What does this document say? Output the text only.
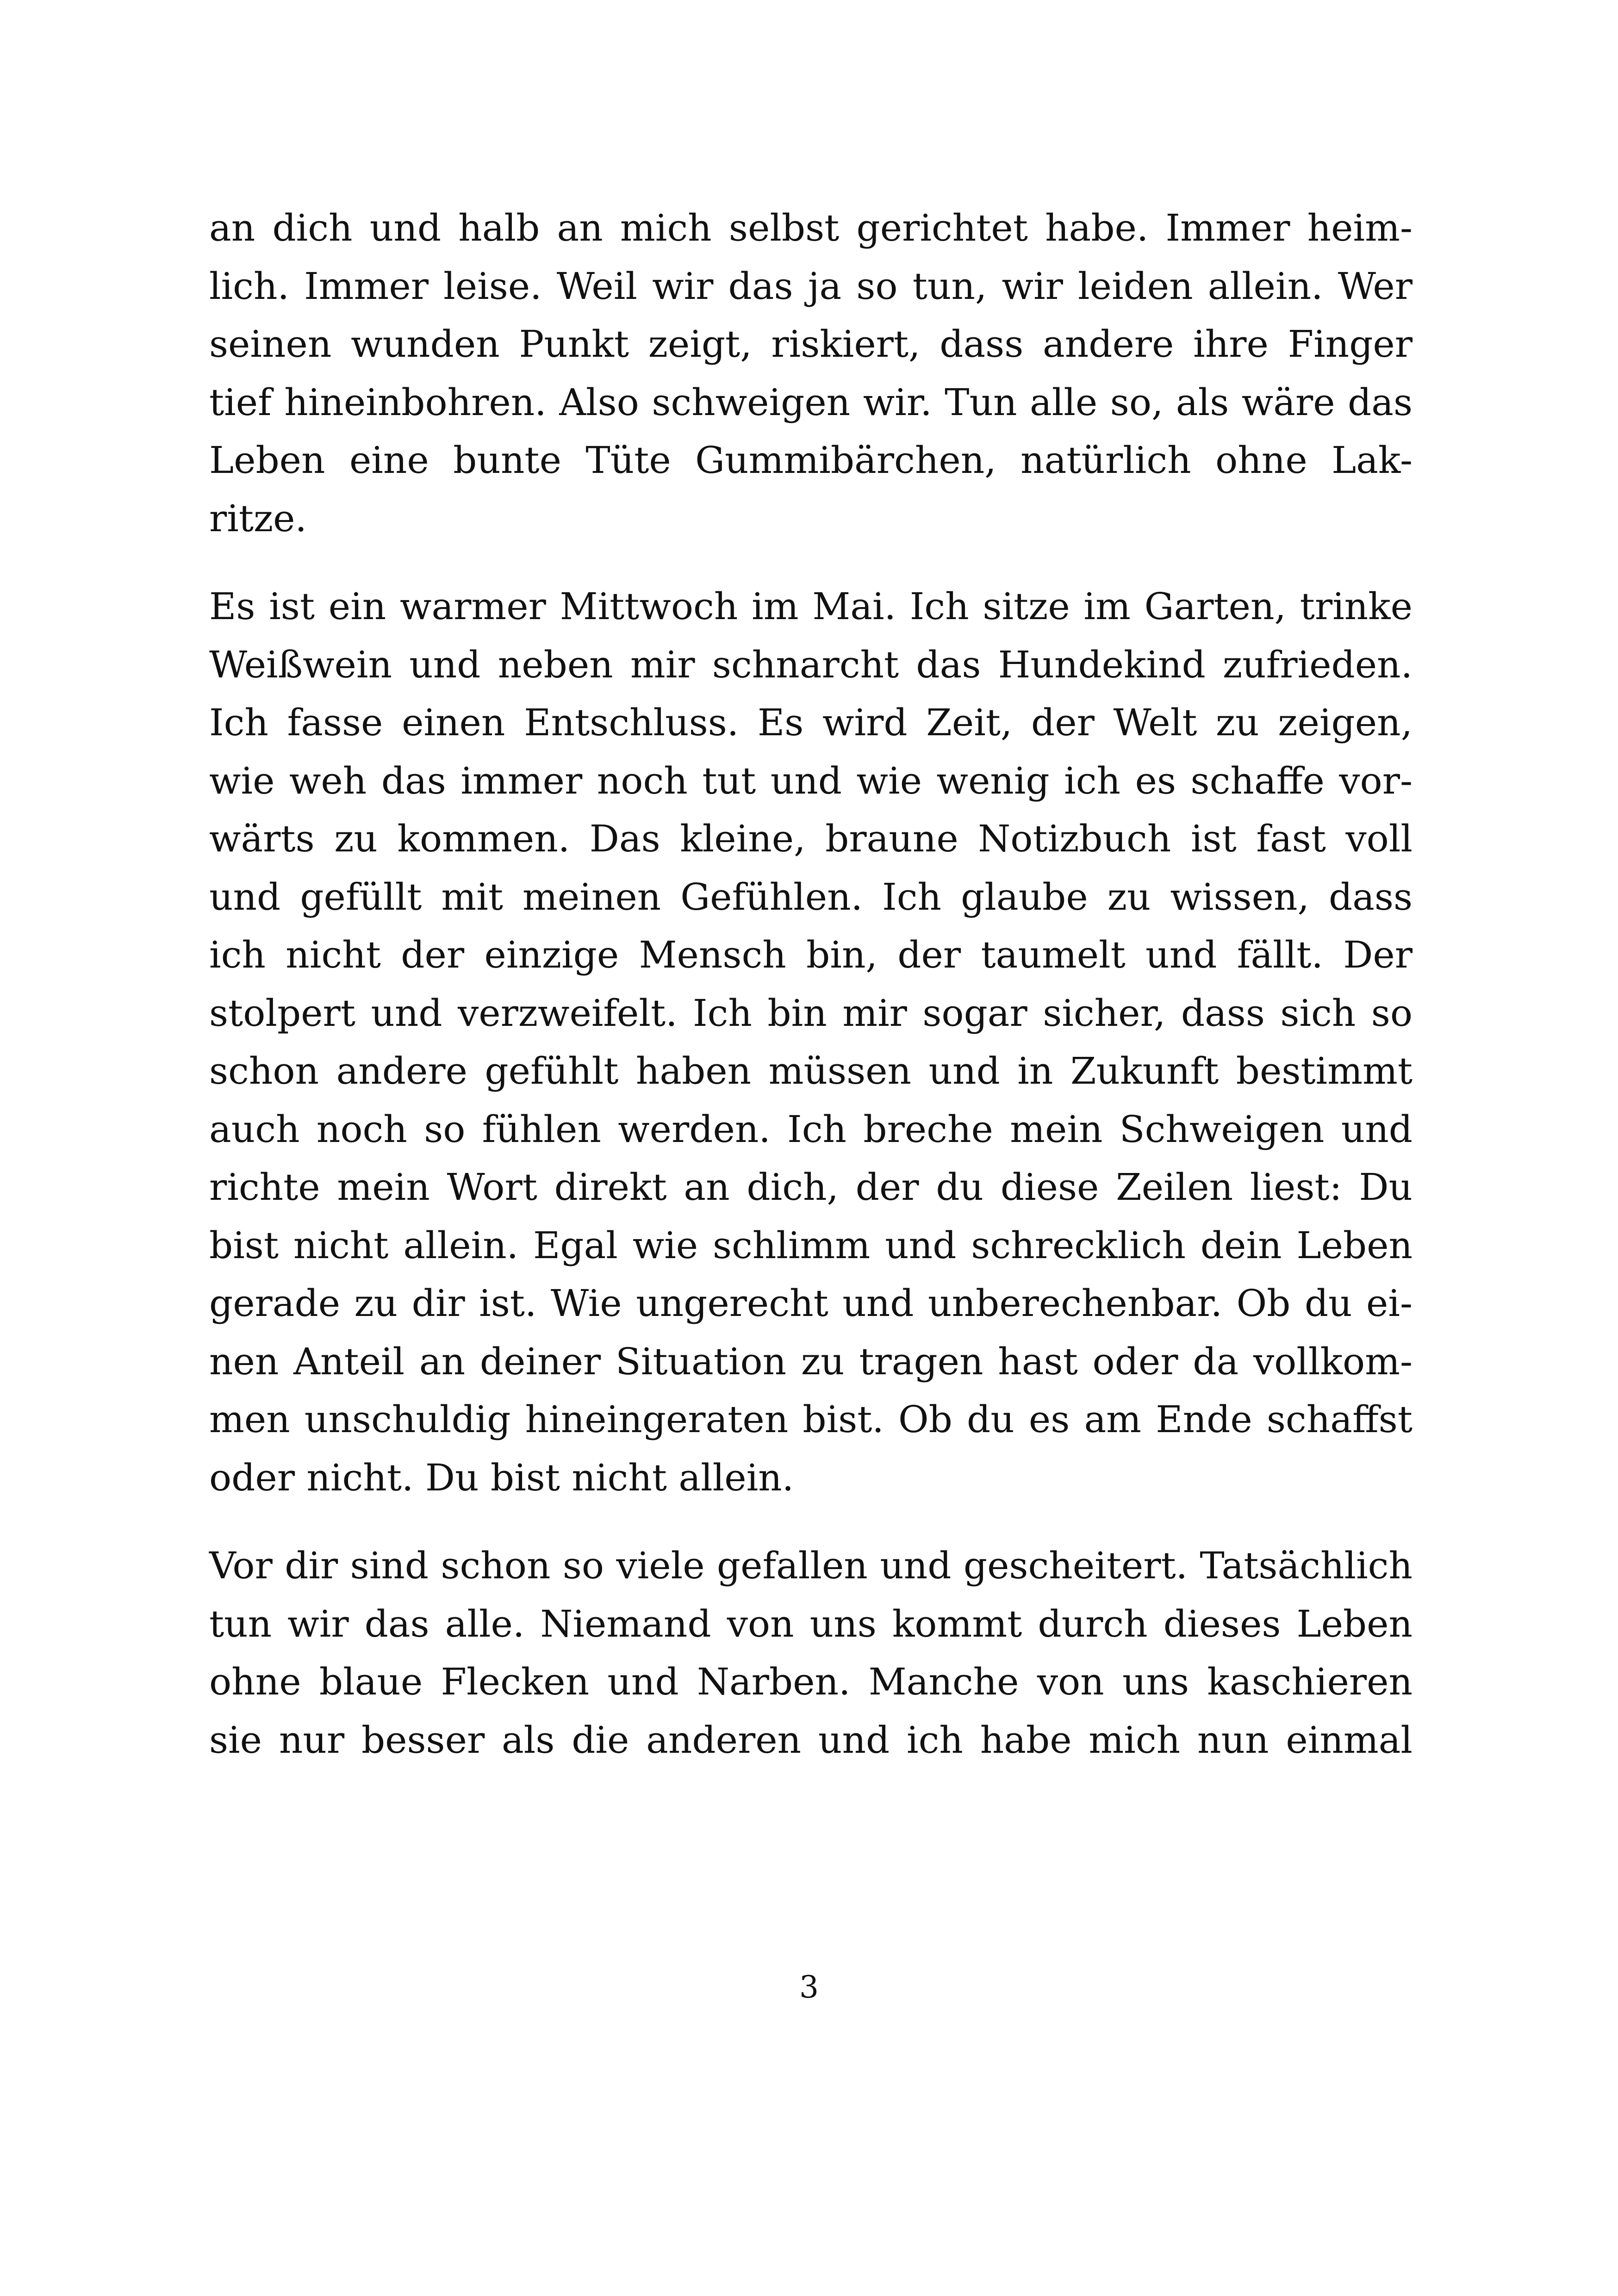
an dich und halb an mich selbst gerichtet habe. Immer heim-
lich. Immer leise. Weil wir das ja so tun, wir leiden allein. Wer
seinen wunden Punkt zeigt, riskiert, dass andere ihre Finger
tief hineinbohren. Also schweigen wir. Tun alle so, als wäre das
Leben eine bunte Tüte Gummibärchen, natürlich ohne Lak-
ritze.

Es ist ein warmer Mittwoch im Mai. Ich sitze im Garten, trinke
Weißwein und neben mir schnarcht das Hundekind zufrieden.
Ich fasse einen Entschluss. Es wird Zeit, der Welt zu zeigen,
wie weh das immer noch tut und wie wenig ich es schaffe vor-
wärts zu kommen. Das kleine, braune Notizbuch ist fast voll
und gefüllt mit meinen Gefühlen. Ich glaube zu wissen, dass
ich nicht der einzige Mensch bin, der taumelt und fällt. Der
stolpert und verzweifelt. Ich bin mir sogar sicher, dass sich so
schon andere gefühlt haben müssen und in Zukunft bestimmt
auch noch so fühlen werden. Ich breche mein Schweigen und
richte mein Wort direkt an dich, der du diese Zeilen liest: Du
bist nicht allein. Egal wie schlimm und schrecklich dein Leben
gerade zu dir ist. Wie ungerecht und unberechenbar. Ob du ei-
nen Anteil an deiner Situation zu tragen hast oder da vollkom-
men unschuldig hineingeraten bist. Ob du es am Ende schaffst
oder nicht. Du bist nicht allein.

Vor dir sind schon so viele gefallen und gescheitert. Tatsächlich
tun wir das alle. Niemand von uns kommt durch dieses Leben
ohne blaue Flecken und Narben. Manche von uns kaschieren
sie nur besser als die anderen und ich habe mich nun einmal

3
